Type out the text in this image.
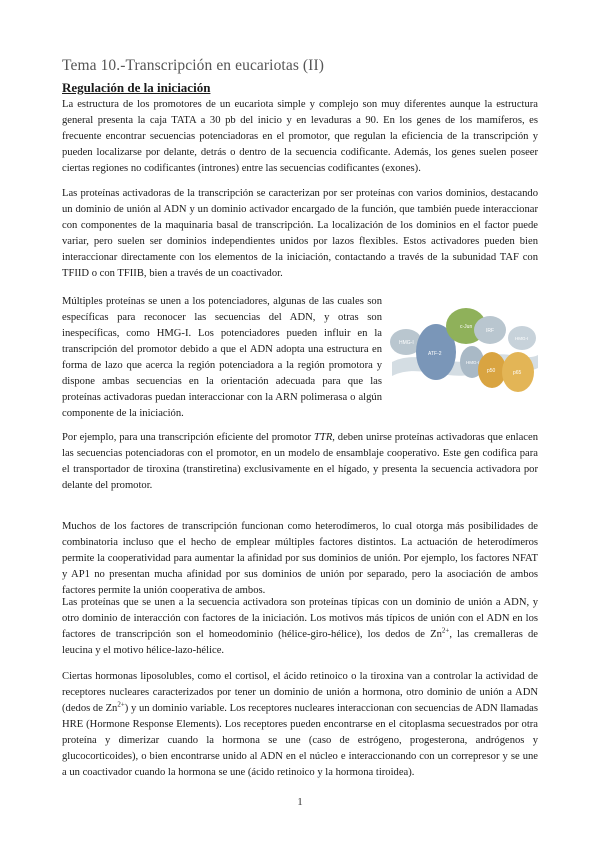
Tema 10.-Transcripción en eucariotas (II)
Regulación de la iniciación

La estructura de los promotores de un eucariota simple y complejo son muy diferentes aunque la estructura general presenta la caja TATA a 30 pb del inicio y en levaduras a 90. En los genes de los mamíferos, es frecuente encontrar secuencias potenciadoras en el promotor, que regulan la eficiencia de la transcripción y pueden localizarse por delante, detrás o dentro de la secuencia codificante. Además, los genes suelen poseer ciertas regiones no codificantes (intrones) entre las secuencias codificantes (exones).

Las proteínas activadoras de la transcripción se caracterizan por ser proteínas con varios dominios, destacando un dominio de unión al ADN y un dominio activador encargado de la función, que también puede interaccionar con componentes de la maquinaria basal de transcripción. La localización de los dominios en el factor puede variar, pero suelen ser dominios independientes unidos por lazos flexibles. Estos activadores pueden bien interaccionar directamente con los elementos de la iniciación, contactando a través de la subunidad TAF con TFIID o con TFIIB, bien a través de un coactivador.

Múltiples proteínas se unen a los potenciadores, algunas de las cuales son específicas para reconocer las secuencias del ADN, y otras son inespecíficas, como HMG-I. Los potenciadores pueden influir en la transcripción del promotor debido a que el ADN adopta una estructura en forma de lazo que acerca la región potenciadora a la región promotora y dispone ambas secuencias en la orientación adecuada para que las proteínas activadoras puedan interaccionar con la ARN polimerasa o algún componente de la iniciación.

HMG-I
ATF-2
c-Jun
IRF
HMG-I
p50	p65
HMG-I

Por ejemplo, para una transcripción eficiente del promotor TTR, deben unirse proteínas activadoras que enlacen las secuencias potenciadoras con el promotor, en un modelo de ensamblaje cooperativo. Este gen codifica para el transportador de tiroxina (transtiretina) exclusivamente en el hígado, y presenta la secuencia activadora por delante del promotor.

Muchos de los factores de transcripción funcionan como heterodímeros, lo cual otorga más posibilidades de combinatoria incluso que el hecho de emplear múltiples factores distintos. La actuación de heterodímeros permite la cooperatividad para aumentar la afinidad por sus dominios de unión. Por ejemplo, los factores NFAT y AP1 no presentan mucha afinidad por sus dominios de unión por separado, pero la asociación de ambos factores permite la unión cooperativa de ambos.

Las proteínas que se unen a la secuencia activadora son proteínas típicas con un dominio de unión a ADN, y otro dominio de interacción con factores de la iniciación. Los motivos más típicos de unión con el ADN en los factores de transcripción son el homeodominio (hélice-giro-hélice), los dedos de $Zn^{2+}$, las cremalleras de leucina y el motivo hélice-lazo-hélice.

Ciertas hormonas liposolubles, como el cortisol, el ácido retinoico o la tiroxina van a controlar la actividad de receptores nucleares caracterizados por tener un dominio de unión a hormona, otro dominio de unión a ADN (dedos de $Zn^{2+}$) y un dominio variable. Los receptores nucleares interaccionan con secuencias de ADN llamadas HRE (Hormone Response Elements). Los receptores pueden encontrarse en el citoplasma secuestrados por otra proteína y dimerizar cuando la hormona se une (caso de estrógeno, progesterona, andrógenos y glucocorticoides), o bien encontrarse unido al ADN en el núcleo e interaccionando con un correpresor y se une a un coactivador cuando la hormona se une (ácido retinoico y la hormona tiroidea).

1
